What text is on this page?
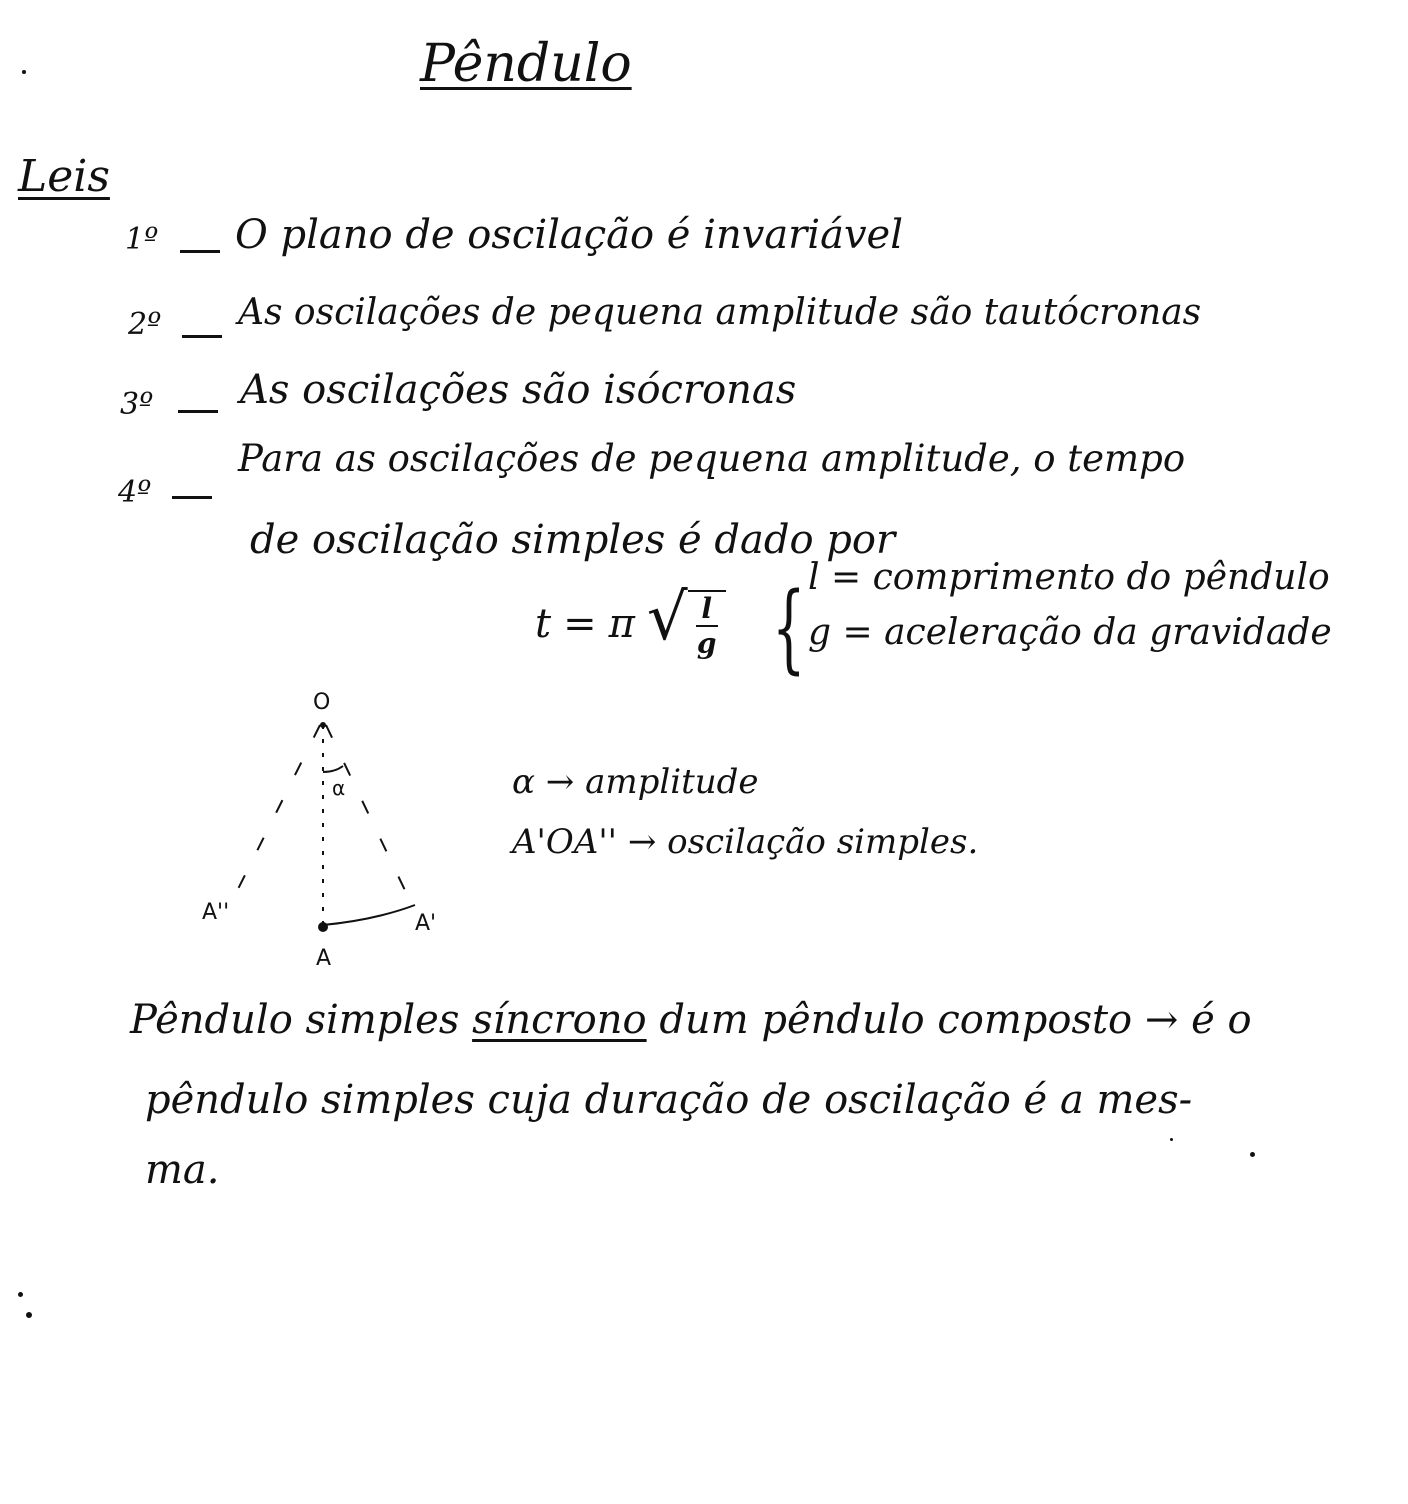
Pêndulo
Leis
1º O plano de oscilação é invariável
2º As oscilações de pequena amplitude são tautócronas
3º As oscilações são isócronas
4º
Para as oscilações de pequena amplitude, o tempo
de oscilação simples é dado por
t = π √ $\frac{l}{g}$ { l = comprimento do pêndulo
g = aceleração da gravidade
O
α
A
A'
A''
α → amplitude
A'OA'' → oscilação simples.
Pêndulo simples síncrono dum pêndulo composto → é o
pêndulo simples cuja duração de oscilação é a mes-
ma.
